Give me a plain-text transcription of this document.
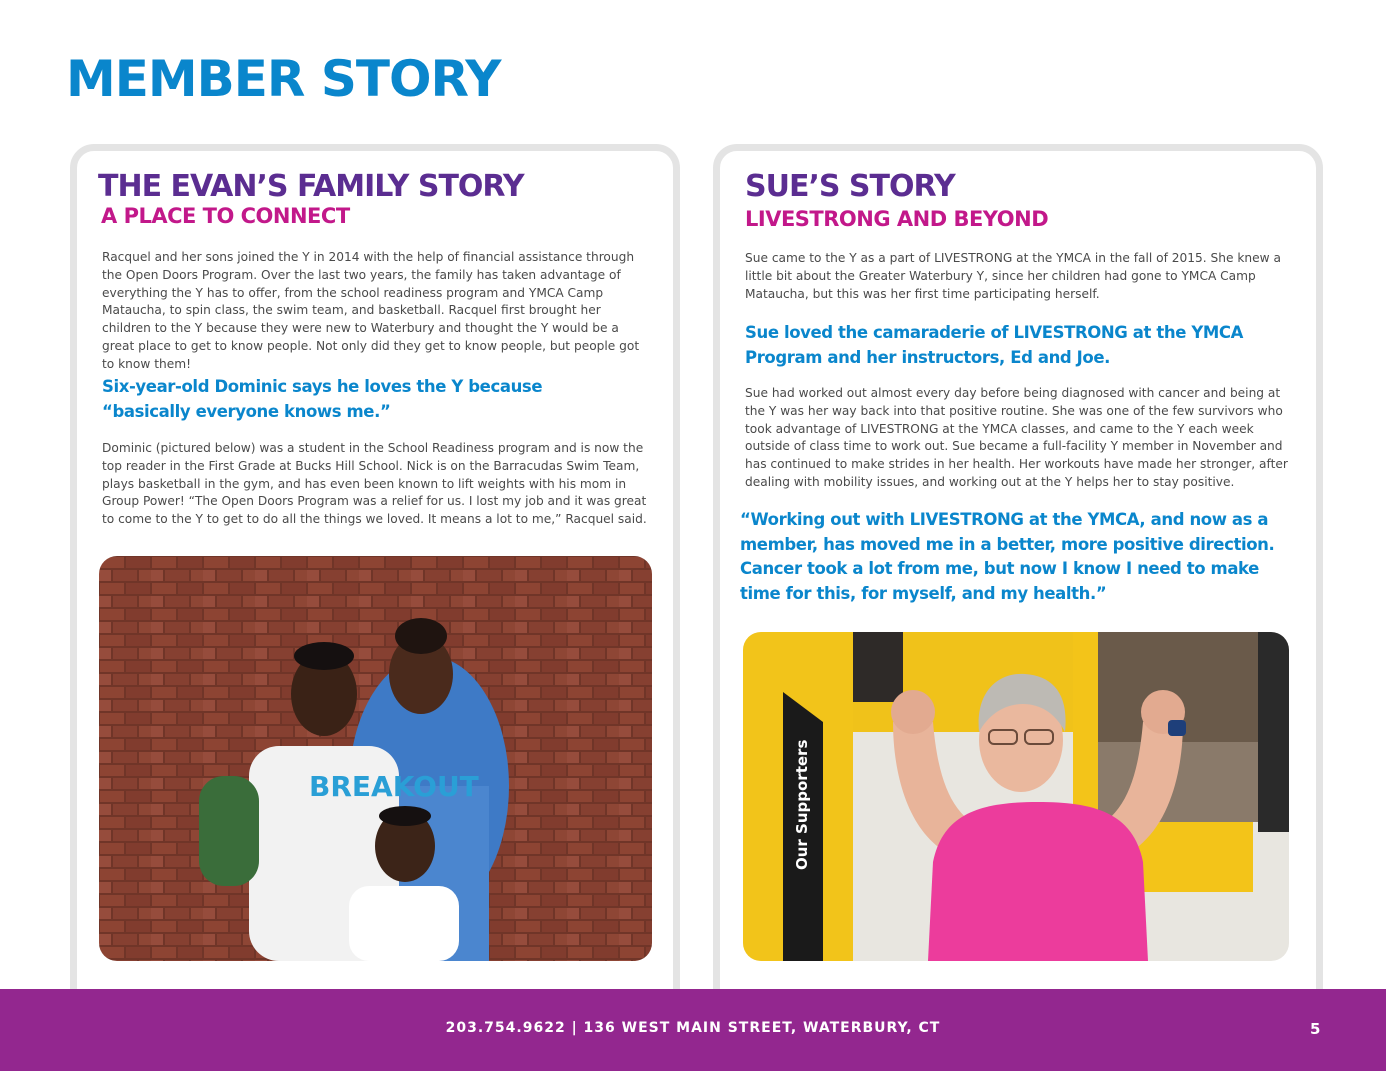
MEMBER STORY
THE EVAN’S FAMILY STORY
A PLACE TO CONNECT

Racquel and her sons joined the Y in 2014 with the help of financial assistance through the Open Doors Program. Over the last two years, the family has taken advantage of everything the Y has to offer, from the school readiness program and YMCA Camp Mataucha, to spin class, the swim team, and basketball. Racquel first brought her children to the Y because they were new to Waterbury and thought the Y would be a great place to get to know people. Not only did they get to know people, but people got to know them!

Six-year-old Dominic says he loves the Y because “basically everyone knows me.”

Dominic (pictured below) was a student in the School Readiness program and is now the top reader in the First Grade at Bucks Hill School. Nick is on the Barracudas Swim Team, plays basketball in the gym, and has even been known to lift weights with his mom in Group Power! “The Open Doors Program was a relief for us. I lost my job and it was great to come to the Y to get to do all the things we loved. It means a lot to me,” Racquel said.

BREAKOUT
SUE’S STORY
LIVESTRONG AND BEYOND

Sue came to the Y as a part of LIVESTRONG at the YMCA in the fall of 2015. She knew a little bit about the Greater Waterbury Y, since her children had gone to YMCA Camp Mataucha, but this was her first time participating herself.

Sue loved the camaraderie of LIVESTRONG at the YMCA Program and her instructors, Ed and Joe.

Sue had worked out almost every day before being diagnosed with cancer and being at the Y was her way back into that positive routine. She was one of the few survivors who took advantage of LIVESTRONG at the YMCA classes, and came to the Y each week outside of class time to work out. Sue became a full-facility Y member in November and has continued to make strides in her health. Her workouts have made her stronger, after dealing with mobility issues, and working out at the Y helps her to stay positive.

“Working out with LIVESTRONG at the YMCA, and now as a member, has moved me in a better, more positive direction. Cancer took a lot from me, but now I know I need to make time for this, for myself, and my health.”

Our Supporters
203.754.9622 | 136 WEST MAIN STREET, WATERBURY, CT	5
